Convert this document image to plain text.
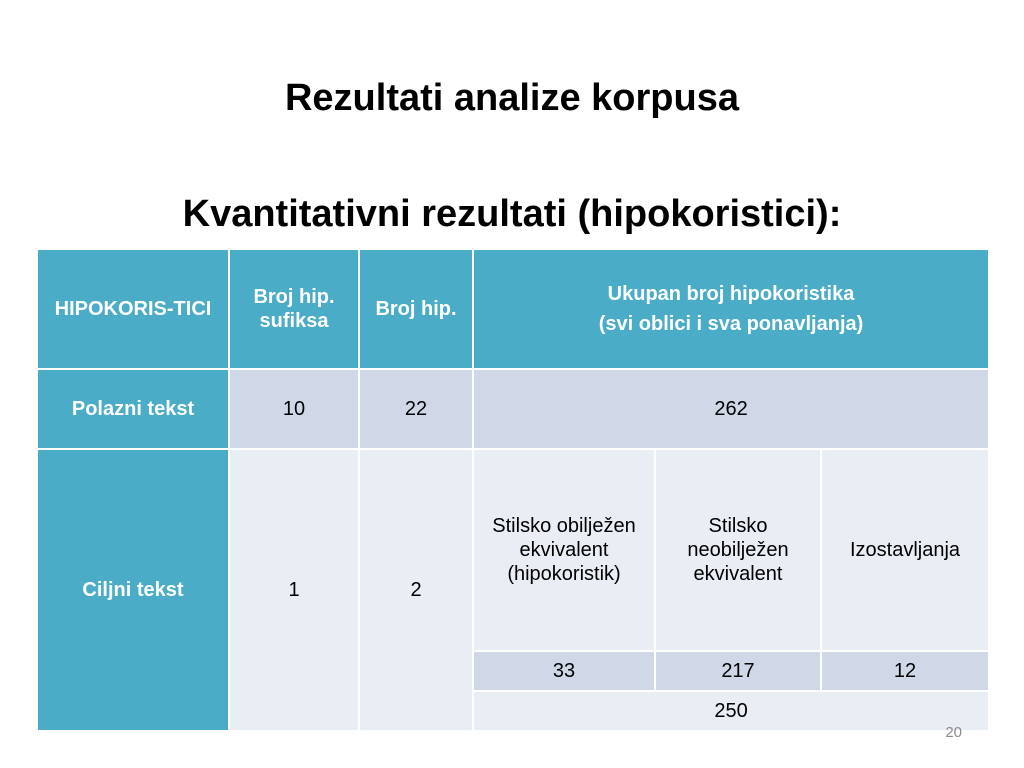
Rezultati analize korpusa
Kvantitativni rezultati (hipokoristici):
HIPOKORIS-TICI	Broj hip. sufiksa	Broj hip.	Ukupan broj hipokoristika
(svi oblici i sva ponavljanja)		

Polazni tekst	10	22	262		
Ciljni tekst	1	2	Stilsko obilježen ekvivalent (hipokoristik)	Stilsko neobilježen ekvivalent	Izostavljanja
			33	217	12
			250		
20
